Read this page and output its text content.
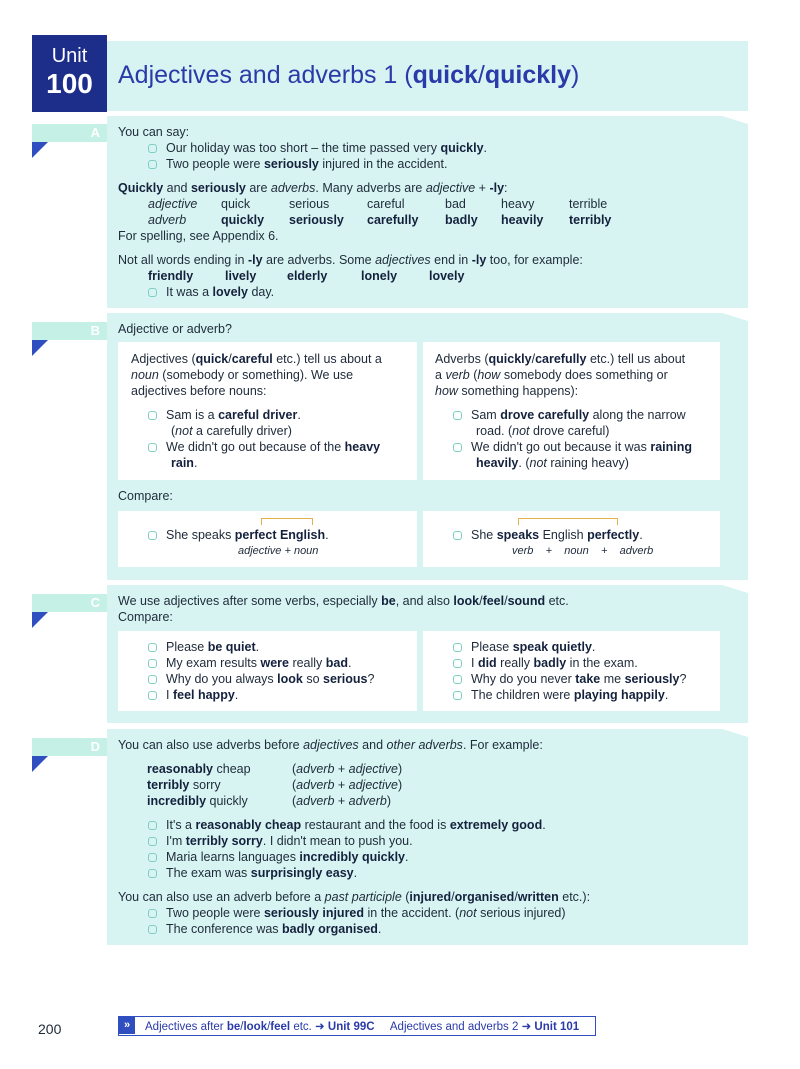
Unit
100	Adjectives and adverbs 1 (quick/quickly)
A You can say:
Our holiday was too short – the time passed very quickly.
Two people were seriously injured in the accident.
Quickly and seriously are adverbs. Many adverbs are adjective + -ly:
adjective quick	serious	careful	bad	heavy	terrible
adverb	quickly seriously carefully badly heavily terribly
For spelling, see Appendix 6.
Not all words ending in -ly are adverbs. Some adjectives end in -ly too, for example:
friendly	lively elderly	lonely	lovely
It was a lovely day.
B Adjective or adverb?
Adjectives (quick/careful etc.) tell us about a
noun (somebody or something). We use
adjectives before nouns:
Sam is a careful driver.
(not a carefully driver)
We didn't go out because of the heavy
rain.
Adverbs (quickly/carefully etc.) tell us about
a verb (how somebody does something or
how something happens):
Sam drove carefully along the narrow
road. (not drove careful)
We didn't go out because it was raining
heavily. (not raining heavy)
Compare:
She speaks perfect English.
adjective + noun
She speaks English perfectly.
verb    +    noun    +    adverb
C We use adjectives after some verbs, especially be, and also look/feel/sound etc.
Compare:
Please be quiet.
My exam results were really bad.
Why do you always look so serious?
I feel happy.
Please speak quietly.
I did really badly in the exam.
Why do you never take me seriously?
The children were playing happily.
D You can also use adverbs before adjectives and other adverbs. For example:
reasonably cheap	(adverb + adjective)
terribly sorry	(adverb + adjective)
incredibly quickly	(adverb + adverb)
It's a reasonably cheap restaurant and the food is extremely good.
I'm terribly sorry. I didn't mean to push you.
Maria learns languages incredibly quickly.
The exam was surprisingly easy.
You can also use an adverb before a past participle (injured/organised/written etc.):
Two people were seriously injured in the accident. (not serious injured)
The conference was badly organised.
200	»	Adjectives after be/look/feel etc. ➜ Unit 99C     Adjectives and adverbs 2 ➜ Unit 101
